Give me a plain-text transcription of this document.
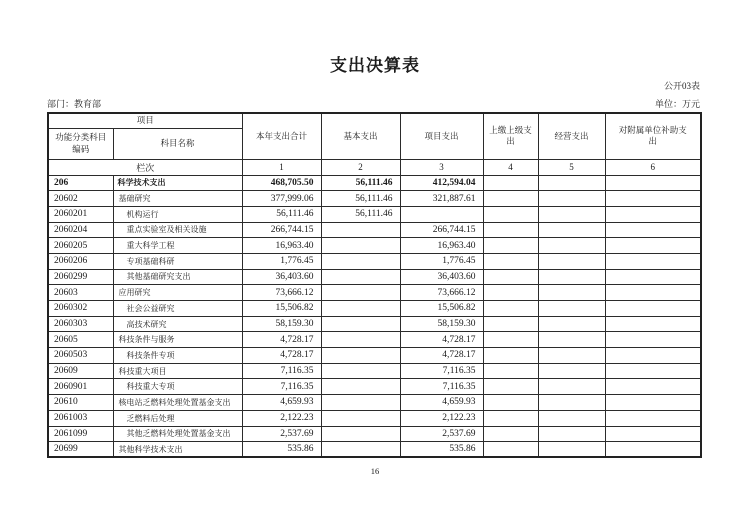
支出决算表
公开03表
部门：教育部	单位：万元
项目		本年支出合计	基本支出	项目支出	上缴上级支出	经营支出	对附属单位补助支出
功能分类科目编码	科目名称						
栏次		1	2	3	4	5	6
206	科学技术支出	468,705.50	56,111.46	412,594.04			
20602	基础研究	377,999.06	56,111.46	321,887.61			
2060201	机构运行	56,111.46	56,111.46				
2060204	重点实验室及相关设施	266,744.15		266,744.15			
2060205	重大科学工程	16,963.40		16,963.40			
2060206	专项基础科研	1,776.45		1,776.45			
2060299	其他基础研究支出	36,403.60		36,403.60			
20603	应用研究	73,666.12		73,666.12			
2060302	社会公益研究	15,506.82		15,506.82			
2060303	高技术研究	58,159.30		58,159.30			
20605	科技条件与服务	4,728.17		4,728.17			
2060503	科技条件专项	4,728.17		4,728.17			
20609	科技重大项目	7,116.35		7,116.35			
2060901	科技重大专项	7,116.35		7,116.35			
20610	核电站乏燃料处理处置基金支出	4,659.93		4,659.93			
2061003	乏燃料后处理	2,122.23		2,122.23			
2061099	其他乏燃料处理处置基金支出	2,537.69		2,537.69			
20699	其他科学技术支出	535.86		535.86			
16
